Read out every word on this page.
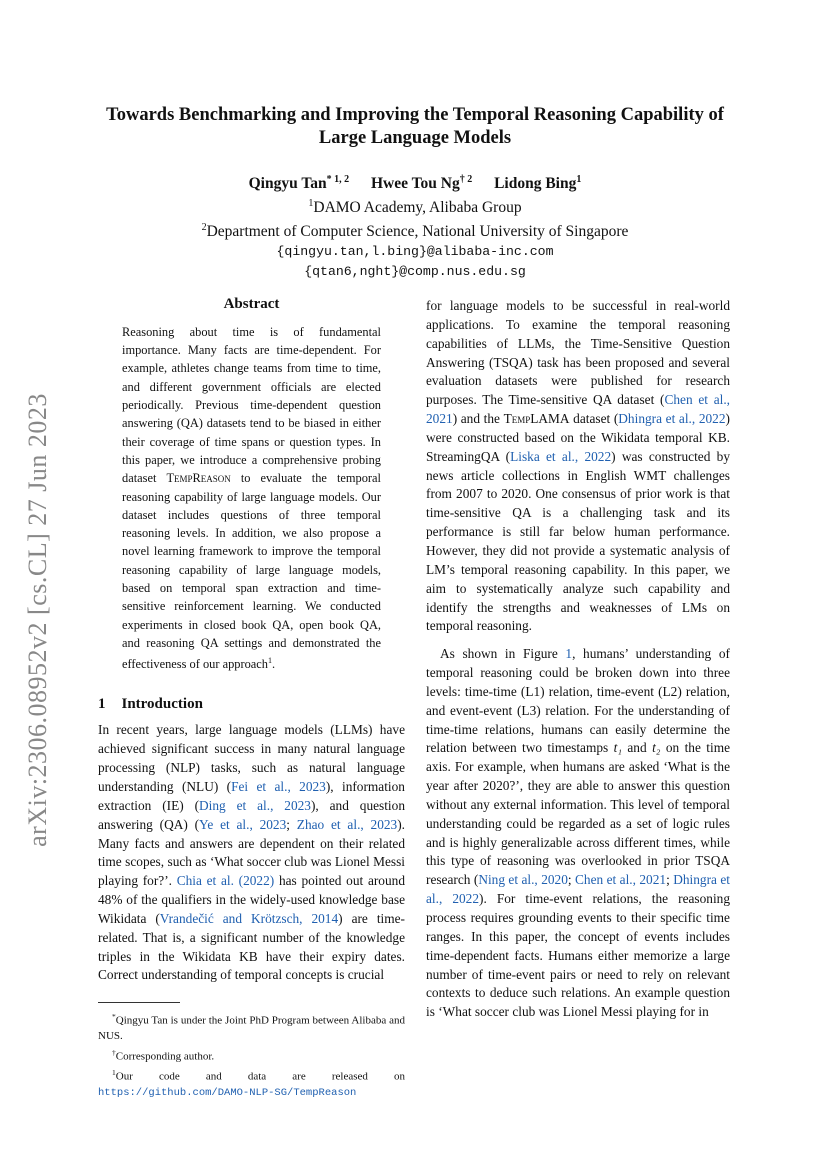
arXiv:2306.08952v2 [cs.CL] 27 Jun 2023
Towards Benchmarking and Improving the Temporal Reasoning Capability of Large Language Models
Qingyu Tan$^{* 1, 2}$ Hwee Tou Ng$^{\dagger 2}$ Lidong Bing$^1$
$^1$DAMO Academy, Alibaba Group
$^2$Department of Computer Science, National University of Singapore
{qingyu.tan,l.bing}@alibaba-inc.com
{qtan6,nght}@comp.nus.edu.sg
Abstract

Reasoning about time is of fundamental importance. Many facts are time-dependent. For example, athletes change teams from time to time, and different government officials are elected periodically. Previous time-dependent question answering (QA) datasets tend to be biased in either their coverage of time spans or question types. In this paper, we introduce a comprehensive probing dataset TempReason to evaluate the temporal reasoning capability of large language models. Our dataset includes questions of three temporal reasoning levels. In addition, we also propose a novel learning framework to improve the temporal reasoning capability of large language models, based on temporal span extraction and time-sensitive reinforcement learning. We conducted experiments in closed book QA, open book QA, and reasoning QA settings and demonstrated the effectiveness of our approach$^1$.

1 Introduction

In recent years, large language models (LLMs) have achieved significant success in many natural language processing (NLP) tasks, such as natural language understanding (NLU) (Fei et al., 2023), information extraction (IE) (Ding et al., 2023), and question answering (QA) (Ye et al., 2023; Zhao et al., 2023). Many facts and answers are dependent on their related time scopes, such as ‘What soccer club was Lionel Messi playing for?’. Chia et al. (2022) has pointed out around 48% of the qualifiers in the widely-used knowledge base Wikidata (Vrandečić and Krötzsch, 2014) are time-related. That is, a significant number of the knowledge triples in the Wikidata KB have their expiry dates. Correct understanding of temporal concepts is crucial

for language models to be successful in real-world applications. To examine the temporal reasoning capabilities of LLMs, the Time-Sensitive Question Answering (TSQA) task has been proposed and several evaluation datasets were published for research purposes. The Time-sensitive QA dataset (Chen et al., 2021) and the TempLAMA dataset (Dhingra et al., 2022) were constructed based on the Wikidata temporal KB. StreamingQA (Liska et al., 2022) was constructed by news article collections in English WMT challenges from 2007 to 2020. One consensus of prior work is that time-sensitive QA is a challenging task and its performance is still far below human performance. However, they did not provide a systematic analysis of LM’s temporal reasoning capability. In this paper, we aim to systematically analyze such capability and identify the strengths and weaknesses of LMs on temporal reasoning.

As shown in Figure 1, humans’ understanding of temporal reasoning could be broken down into three levels: time-time (L1) relation, time-event (L2) relation, and event-event (L3) relation. For the understanding of time-time relations, humans can easily determine the relation between two timestamps t₁ and t₂ on the time axis. For example, when humans are asked ‘What is the year after 2020?’, they are able to answer this question without any external information. This level of temporal understanding could be regarded as a set of logic rules and is highly generalizable across different times, while this type of reasoning was overlooked in prior TSQA research (Ning et al., 2020; Chen et al., 2021; Dhingra et al., 2022). For time-event relations, the reasoning process requires grounding events to their specific time ranges. In this paper, the concept of events includes time-dependent facts. Humans either memorize a large number of time-event pairs or need to rely on relevant contexts to deduce such relations. An example question is ‘What soccer club was Lionel Messi playing for in

*Qingyu Tan is under the Joint PhD Program between Alibaba and NUS.

†Corresponding author.

$^1$Our code and data are released on https://github.com/DAMO-NLP-SG/TempReason
